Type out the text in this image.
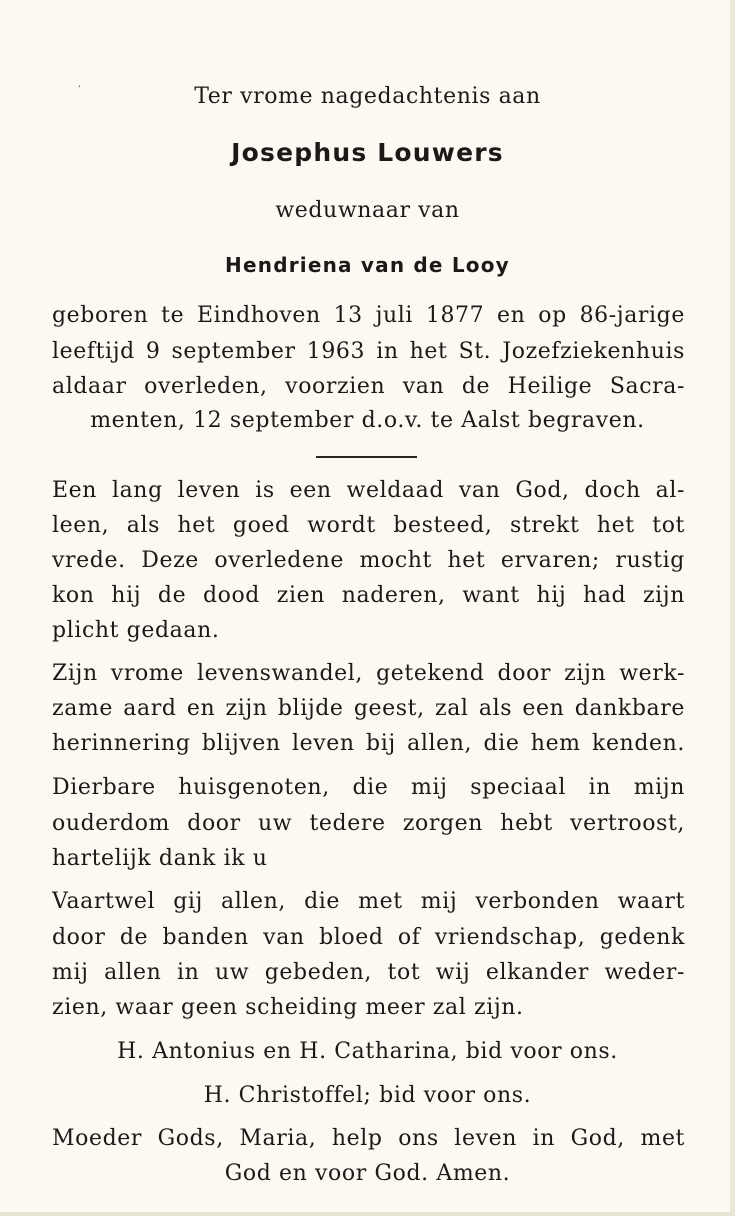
,
Ter vrome nagedachtenis aan
Josephus Louwers
weduwnaar van
Hendriena van de Looy
geboren te Eindhoven 13 juli 1877 en op 86-jarige
leeftijd 9 september 1963 in het St. Jozefziekenhuis
aldaar overleden, voorzien van de Heilige Sacra-
menten, 12 september d.o.v. te Aalst begraven.
Een lang leven is een weldaad van God, doch al-
leen, als het goed wordt besteed, strekt het tot
vrede. Deze overledene mocht het ervaren; rustig
kon hij de dood zien naderen, want hij had zijn
plicht gedaan.
Zijn vrome levenswandel, getekend door zijn werk-
zame aard en zijn blijde geest, zal als een dankbare
herinnering blijven leven bij allen, die hem kenden.
Dierbare huisgenoten, die mij speciaal in mijn
ouderdom door uw tedere zorgen hebt vertroost,
hartelijk dank ik u
Vaartwel gij allen, die met mij verbonden waart
door de banden van bloed of vriendschap, gedenk
mij allen in uw gebeden, tot wij elkander weder-
zien, waar geen scheiding meer zal zijn.
H. Antonius en H. Catharina, bid voor ons.
H. Christoffel; bid voor ons.
Moeder Gods, Maria, help ons leven in God, met
God en voor God. Amen.
